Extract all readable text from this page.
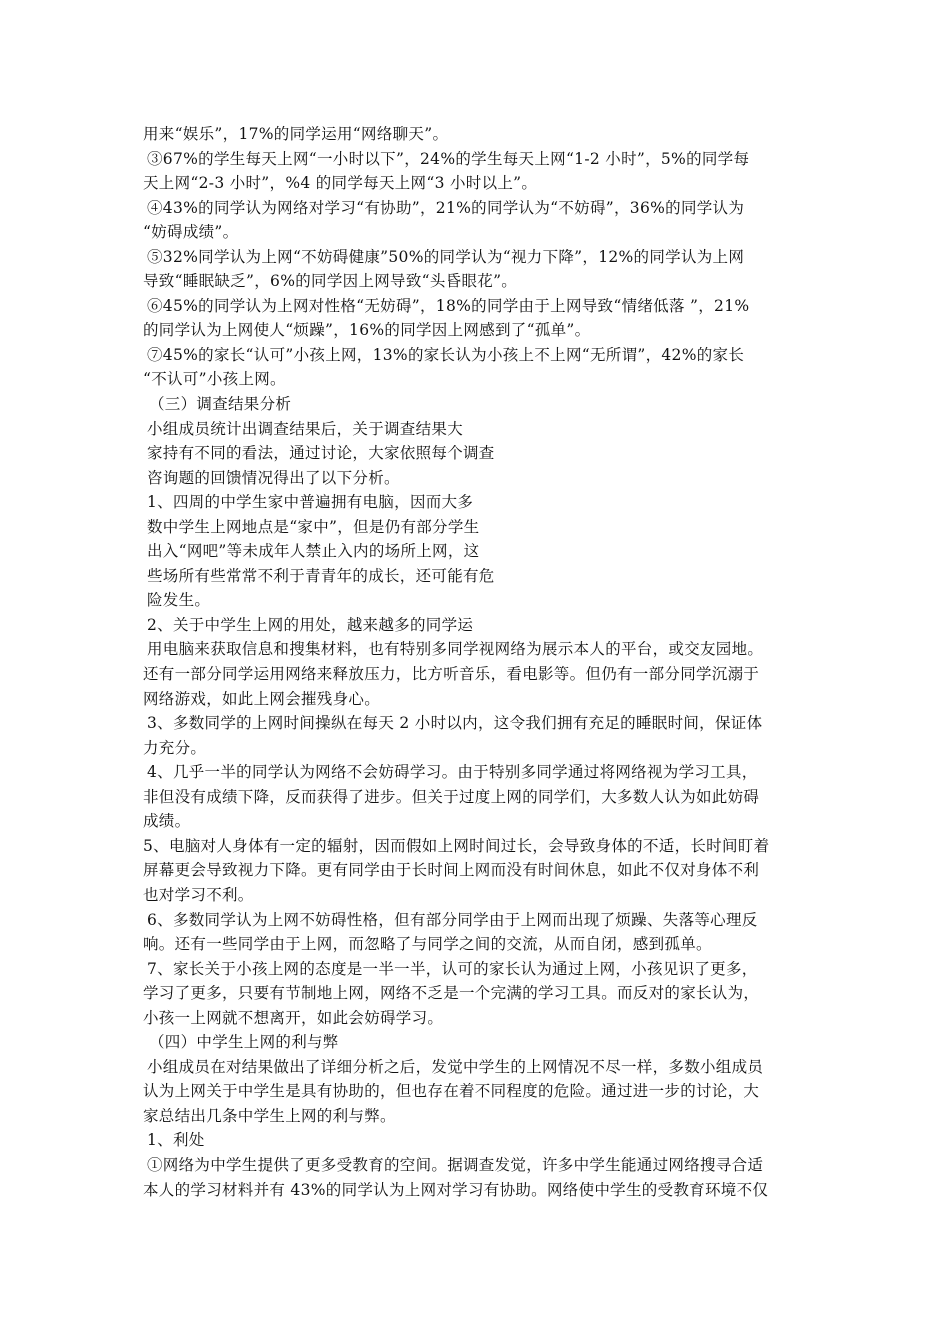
用来“娱乐”，17%的同学运用“网络聊天”。
③67%的学生每天上网“一小时以下”，24%的学生每天上网“1-2 小时”，5%的同学每
天上网“2-3 小时”，%4 的同学每天上网“3 小时以上”。
④43%的同学认为网络对学习“有协助”，21%的同学认为“不妨碍”，36%的同学认为
“妨碍成绩”。
⑤32%同学认为上网“不妨碍健康”50%的同学认为“视力下降”，12%的同学认为上网
导致“睡眠缺乏”，6%的同学因上网导致“头昏眼花”。
⑥45%的同学认为上网对性格“无妨碍”，18%的同学由于上网导致“情绪低落 ”，21%
的同学认为上网使人“烦躁”，16%的同学因上网感到了“孤单”。
⑦45%的家长“认可”小孩上网，13%的家长认为小孩上不上网“无所谓”，42%的家长
“不认可”小孩上网。
（三）调查结果分析
小组成员统计出调查结果后，关于调查结果大
家持有不同的看法，通过讨论，大家依照每个调查
咨询题的回馈情况得出了以下分析。
1、四周的中学生家中普遍拥有电脑，因而大多
数中学生上网地点是“家中”，但是仍有部分学生
出入“网吧”等未成年人禁止入内的场所上网，这
些场所有些常常不利于青青年的成长，还可能有危
险发生。
2、关于中学生上网的用处，越来越多的同学运
用电脑来获取信息和搜集材料，也有特别多同学视网络为展示本人的平台，或交友园地。
还有一部分同学运用网络来释放压力，比方听音乐，看电影等。但仍有一部分同学沉溺于
网络游戏，如此上网会摧残身心。
3、多数同学的上网时间操纵在每天 2 小时以内，这令我们拥有充足的睡眠时间，保证体
力充分。
4、几乎一半的同学认为网络不会妨碍学习。由于特别多同学通过将网络视为学习工具，
非但没有成绩下降，反而获得了进步。但关于过度上网的同学们，大多数人认为如此妨碍
成绩。
5、电脑对人身体有一定的辐射，因而假如上网时间过长，会导致身体的不适，长时间盯着
屏幕更会导致视力下降。更有同学由于长时间上网而没有时间休息，如此不仅对身体不利
也对学习不利。
6、多数同学认为上网不妨碍性格，但有部分同学由于上网而出现了烦躁、失落等心理反
响。还有一些同学由于上网，而忽略了与同学之间的交流，从而自闭，感到孤单。
7、家长关于小孩上网的态度是一半一半，认可的家长认为通过上网，小孩见识了更多，
学习了更多，只要有节制地上网，网络不乏是一个完满的学习工具。而反对的家长认为，
小孩一上网就不想离开，如此会妨碍学习。
（四）中学生上网的利与弊
小组成员在对结果做出了详细分析之后，发觉中学生的上网情况不尽一样，多数小组成员
认为上网关于中学生是具有协助的，但也存在着不同程度的危险。通过进一步的讨论，大
家总结出几条中学生上网的利与弊。
1、利处
①网络为中学生提供了更多受教育的空间。据调查发觉，许多中学生能通过网络搜寻合适
本人的学习材料并有 43%的同学认为上网对学习有协助。网络使中学生的受教育环境不仅
